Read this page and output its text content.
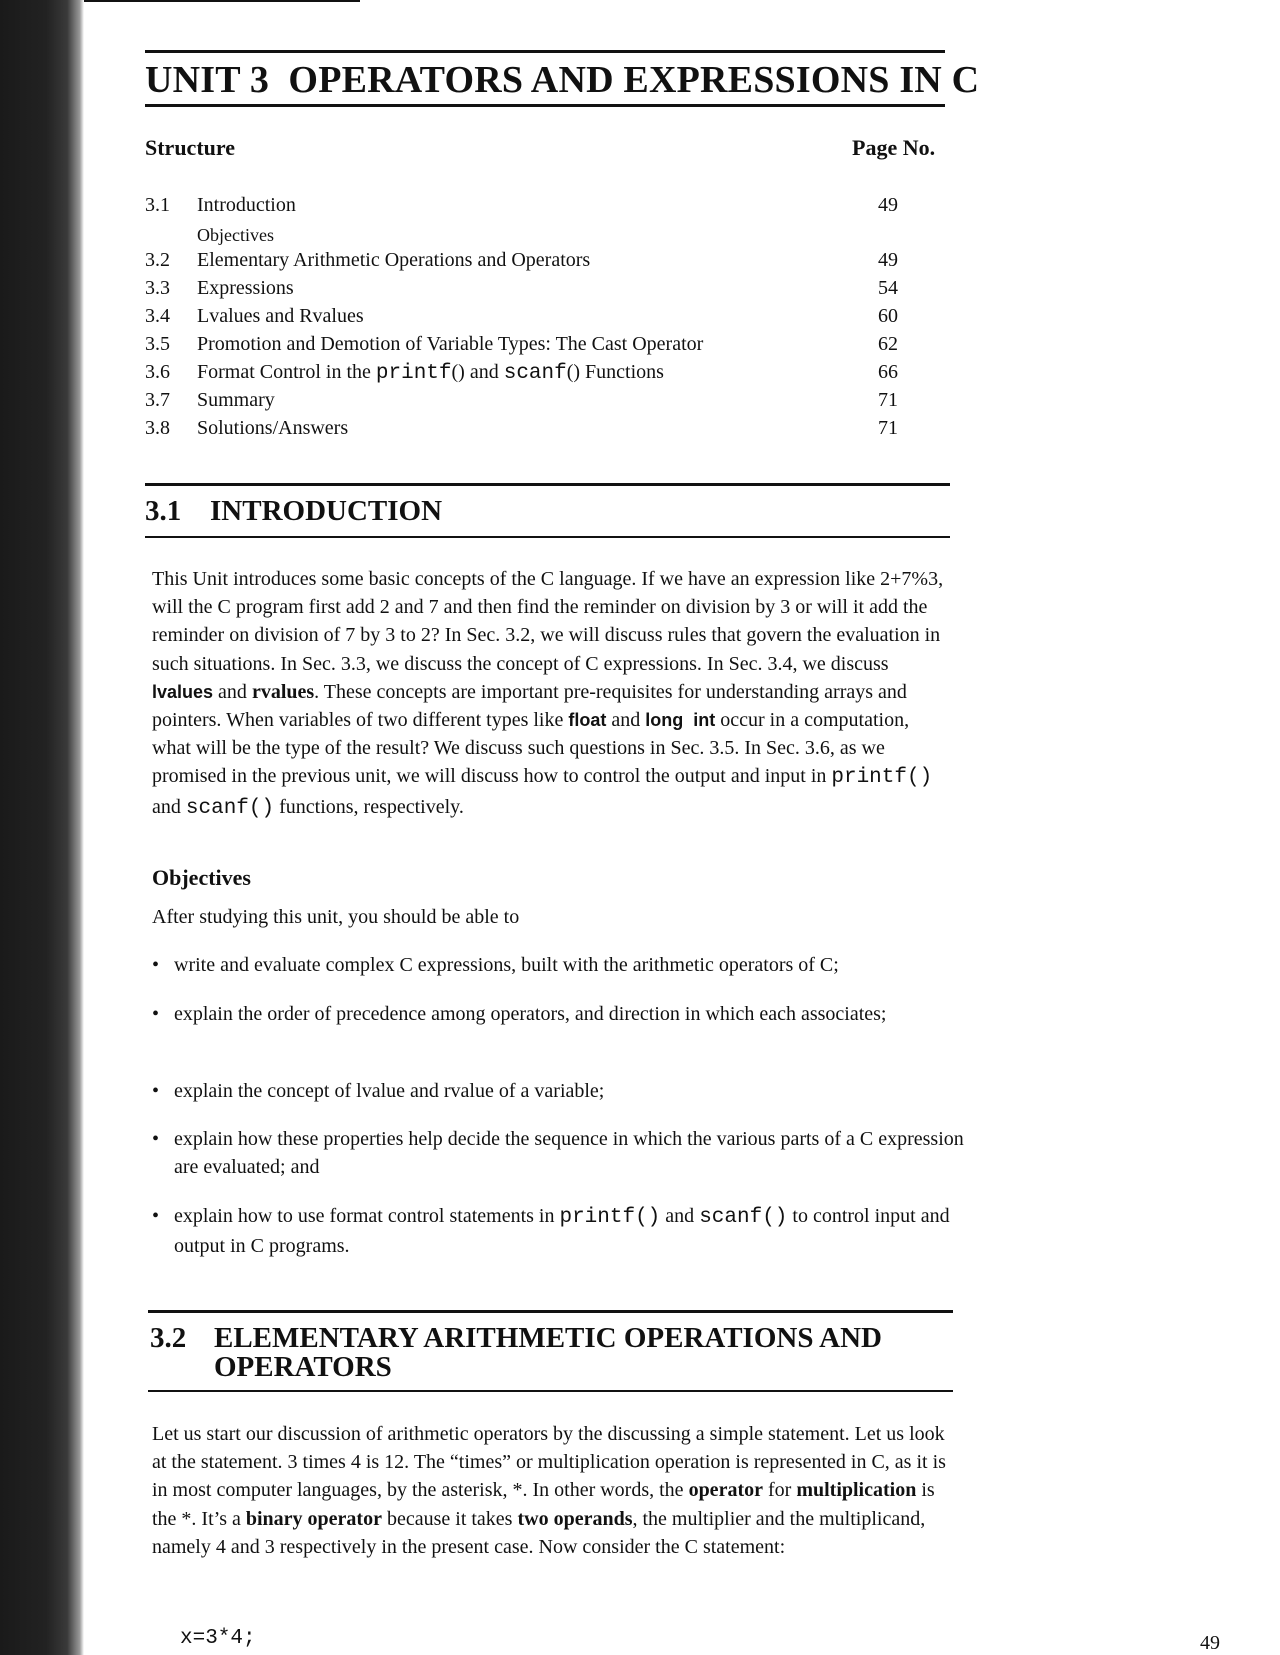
UNIT 3  OPERATORS AND EXPRESSIONS IN C
Structure	Page No.
3.1 Introduction	49
Objectives
3.2 Elementary Arithmetic Operations and Operators	49
3.3 Expressions	54
3.4 Lvalues and Rvalues	60
3.5 Promotion and Demotion of Variable Types: The Cast Operator	62
3.6 Format Control in the printf() and scanf() Functions	66
3.7 Summary	71
3.8 Solutions/Answers	71
3.1 INTRODUCTION

This Unit introduces some basic concepts of the C language. If we have an expression like 2+7%3, will the C program first add 2 and 7 and then find the reminder on division by 3 or will it add the reminder on division of 7 by 3 to 2? In Sec. 3.2, we will discuss rules that govern the evaluation in such situations. In Sec. 3.3, we discuss the concept of C expressions. In Sec. 3.4, we discuss lvalues and rvalues. These concepts are important pre-requisites for understanding arrays and pointers. When variables of two different types like float and long  int occur in a computation, what will be the type of the result? We discuss such questions in Sec. 3.5. In Sec. 3.6, as we promised in the previous unit, we will discuss how to control the output and input in printf() and scanf() functions, respectively.

Objectives
After studying this unit, you should be able to
• write and evaluate complex C expressions, built with the arithmetic operators of C;
• explain the order of precedence among operators, and direction in which each associates;
• explain the concept of lvalue and rvalue of a variable;
• explain how these properties help decide the sequence in which the various parts of a C expression are evaluated; and
• explain how to use format control statements in printf() and scanf() to control input and output in C programs.
3.2 ELEMENTARY ARITHMETIC OPERATIONS AND
OPERATORS

Let us start our discussion of arithmetic operators by the discussing a simple statement. Let us look at the statement. 3 times 4 is 12. The “times” or multiplication operation is represented in C, as it is in most computer languages, by the asterisk, *. In other words, the operator for multiplication is the *. It’s a binary operator because it takes two operands, the multiplier and the multiplicand, namely 4 and 3 respectively in the present case. Now consider the C statement:

x=3*4;	49
